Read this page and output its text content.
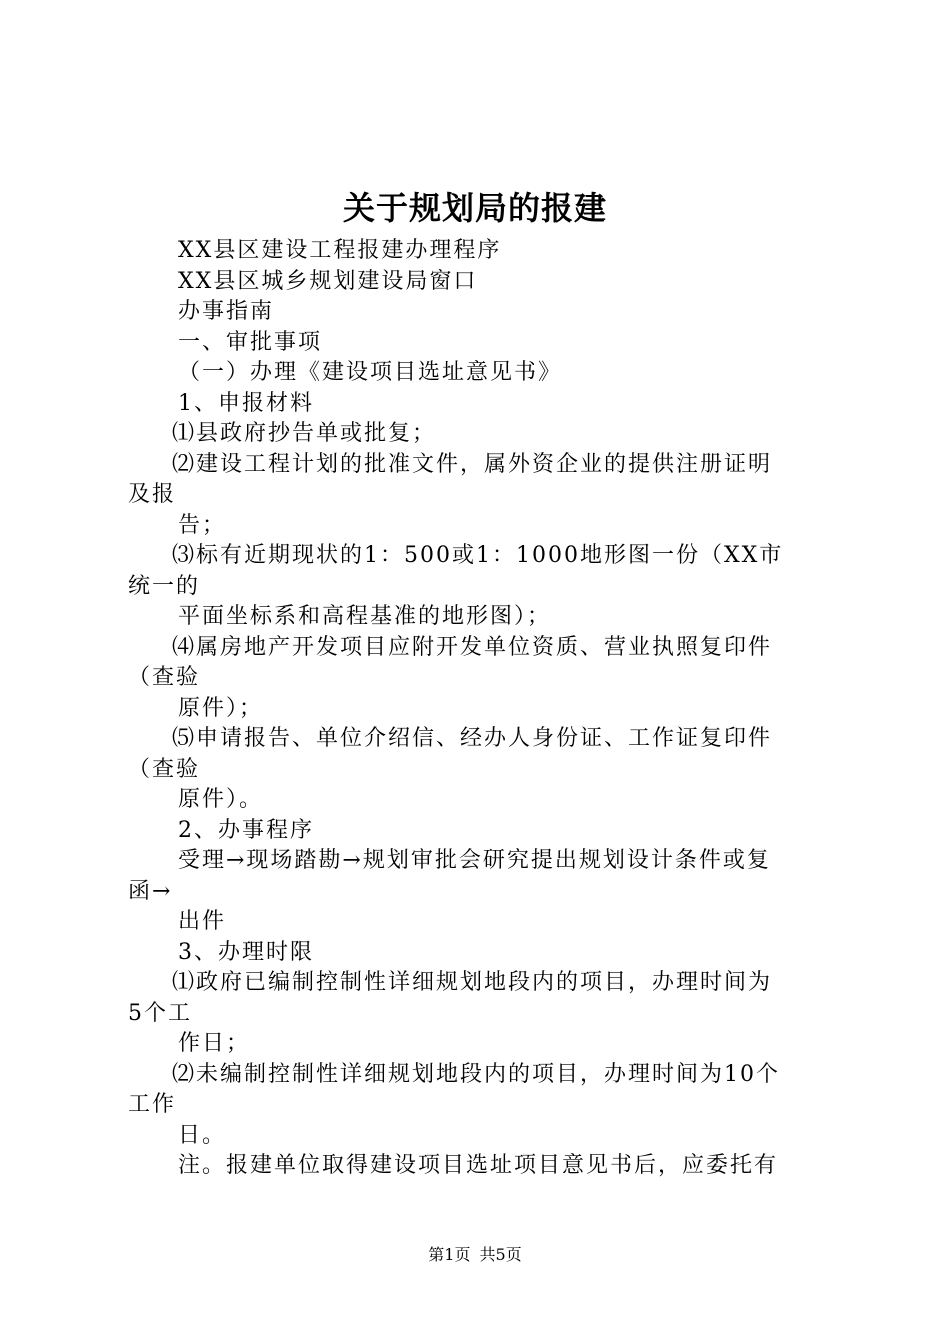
关于规划局的报建
XX县区建设工程报建办理程序
XX县区城乡规划建设局窗口
办事指南
一、审批事项
（一）办理《建设项目选址意见书》
1、申报材料
⑴县政府抄告单或批复；
⑵建设工程计划的批准文件，属外资企业的提供注册证明
及报
告；
⑶标有近期现状的1：500或1：1000地形图一份（XX市
统一的
平面坐标系和高程基准的地形图）；
⑷属房地产开发项目应附开发单位资质、营业执照复印件
（查验
原件）；
⑸申请报告、单位介绍信、经办人身份证、工作证复印件
（查验
原件）。
2、办事程序
受理→现场踏勘→规划审批会研究提出规划设计条件或复
函→
出件
3、办理时限
⑴政府已编制控制性详细规划地段内的项目，办理时间为
5个工
作日；
⑵未编制控制性详细规划地段内的项目，办理时间为10个
工作
日。
注。报建单位取得建设项目选址项目意见书后，应委托有
第1页 共5页
